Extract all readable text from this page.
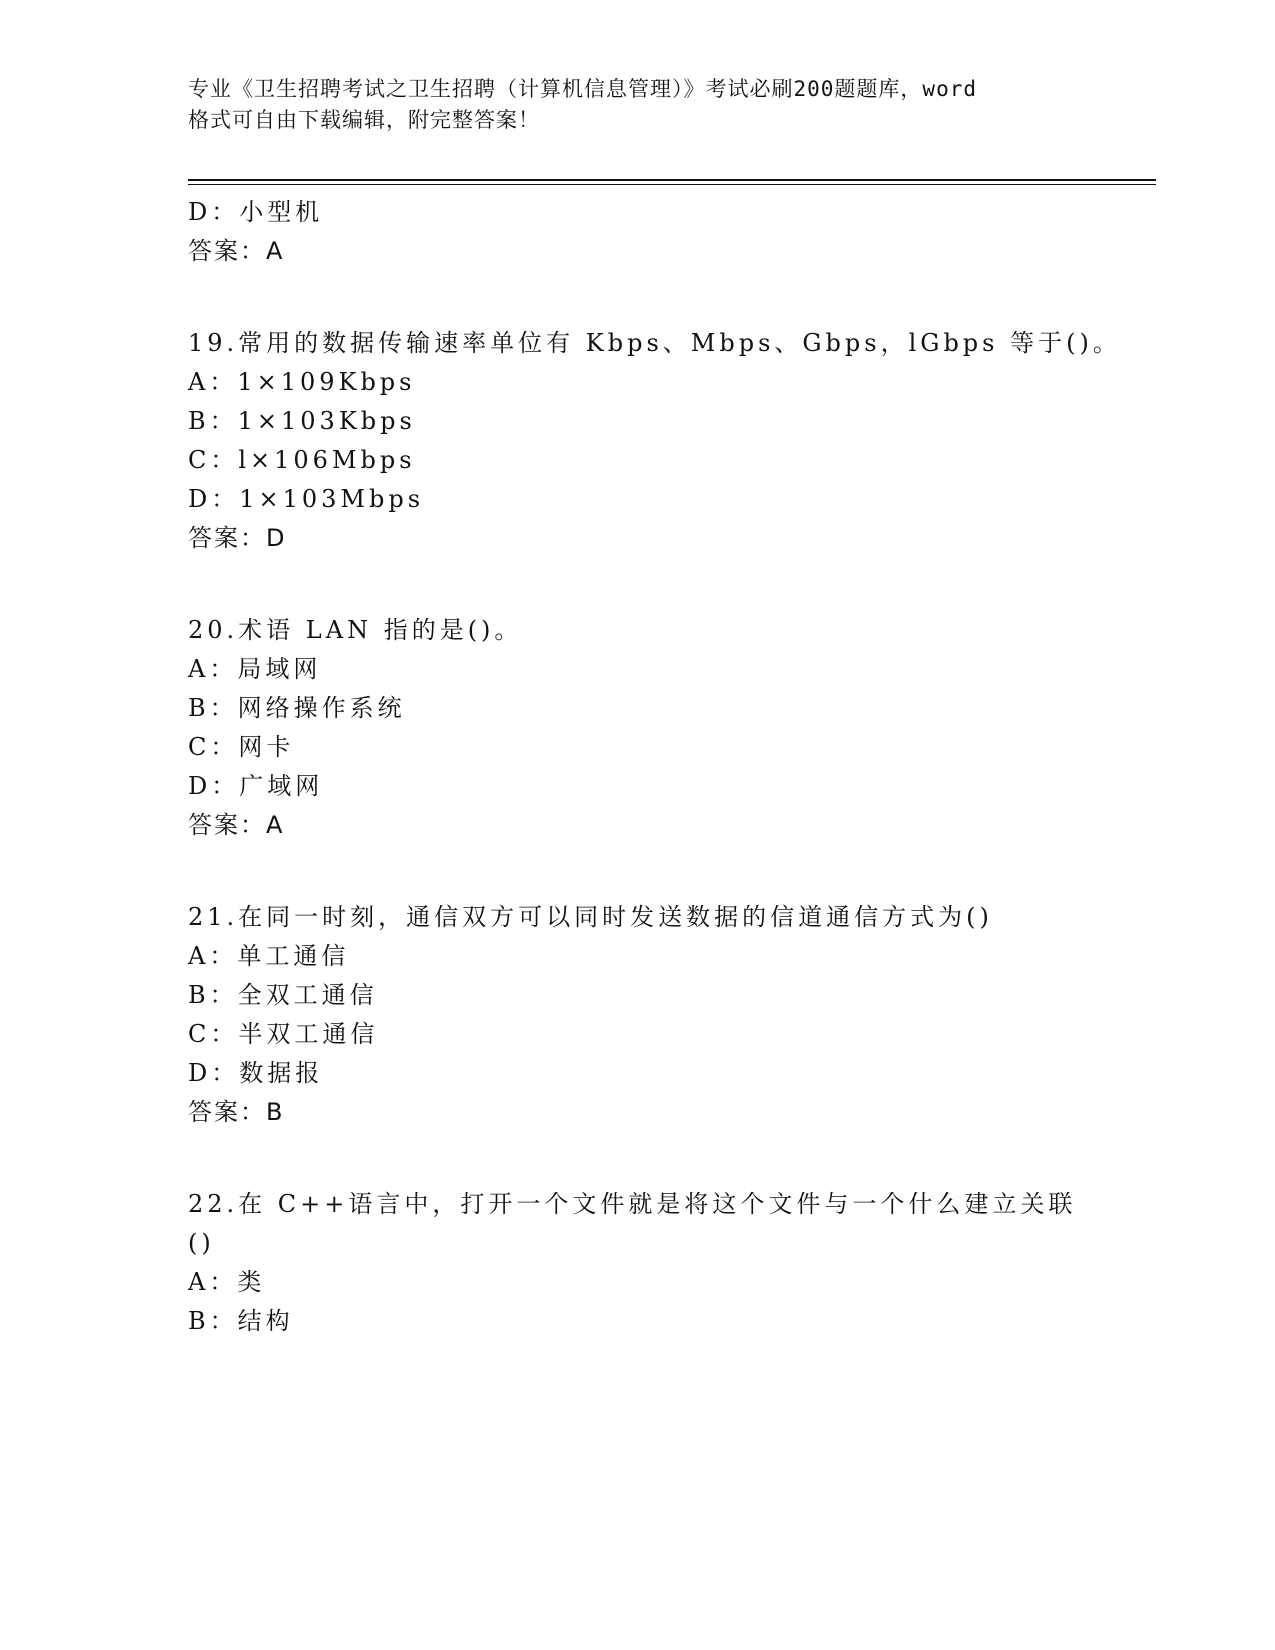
专业《卫生招聘考试之卫生招聘（计算机信息管理）》考试必刷200题题库，word
格式可自由下载编辑，附完整答案！
D：小型机
答案：A
19.常用的数据传输速率单位有 Kbps、Mbps、Gbps，lGbps 等于()。
A：1×109Kbps
B：1×103Kbps
C：l×106Mbps
D：1×103Mbps
答案：D
20.术语 LAN 指的是()。
A：局域网
B：网络操作系统
C：网卡
D：广域网
答案：A
21.在同一时刻，通信双方可以同时发送数据的信道通信方式为()
A：单工通信
B：全双工通信
C：半双工通信
D：数据报
答案：B
22.在 C++语言中，打开一个文件就是将这个文件与一个什么建立关联
()
A：类
B：结构
